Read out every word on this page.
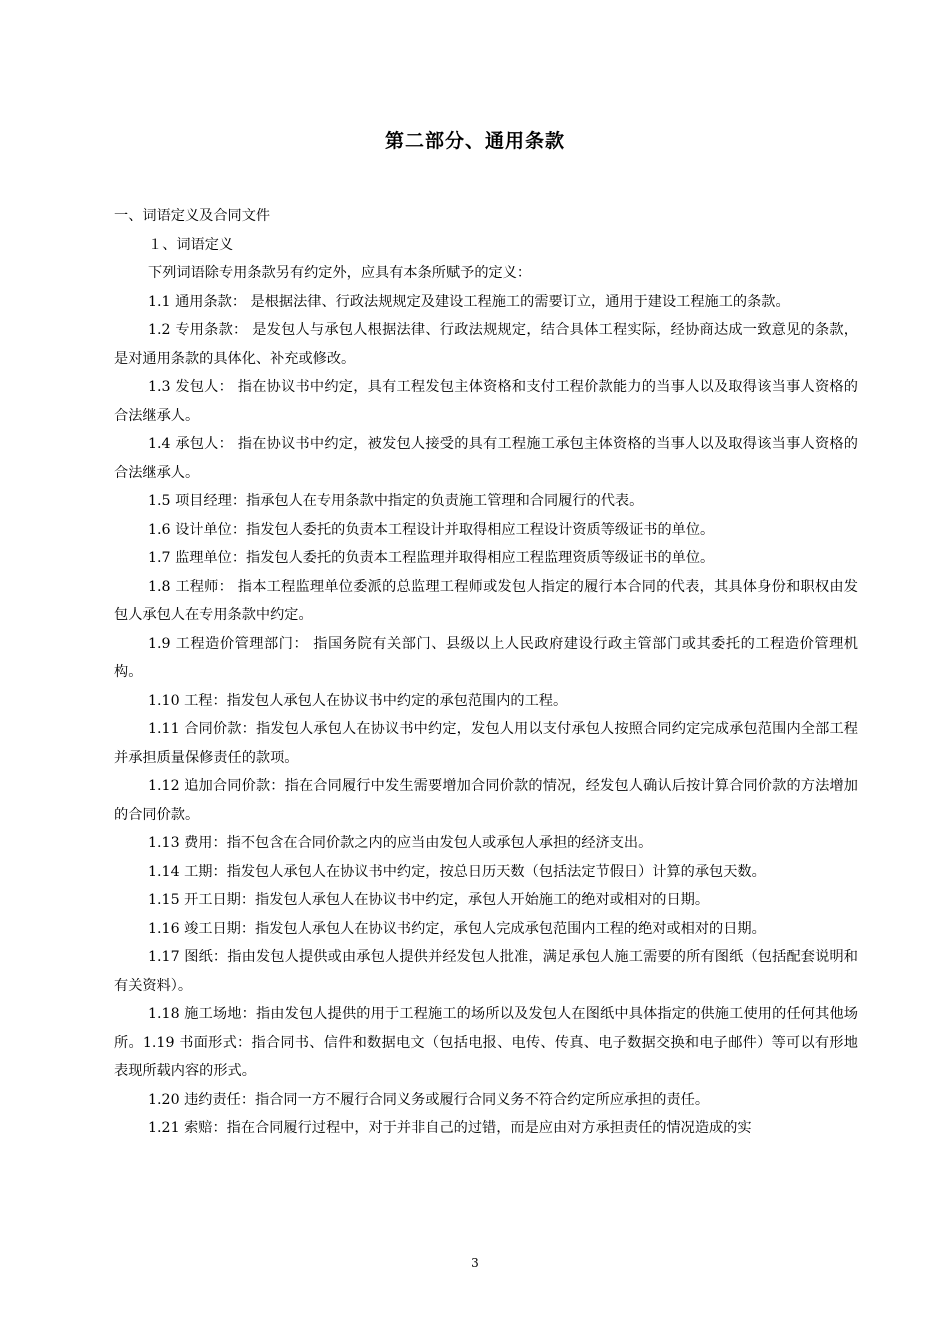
第二部分、通用条款

一、词语定义及合同文件

１、词语定义

下列词语除专用条款另有约定外，应具有本条所赋予的定义：

1.1 通用条款： 是根据法律、行政法规规定及建设工程施工的需要订立，通用于建设工程施工的条款。

1.2 专用条款： 是发包人与承包人根据法律、行政法规规定，结合具体工程实际，经协商达成一致意见的条款，是对通用条款的具体化、补充或修改。

1.3 发包人： 指在协议书中约定，具有工程发包主体资格和支付工程价款能力的当事人以及取得该当事人资格的合法继承人。

1.4 承包人： 指在协议书中约定，被发包人接受的具有工程施工承包主体资格的当事人以及取得该当事人资格的合法继承人。

1.5 项目经理：指承包人在专用条款中指定的负责施工管理和合同履行的代表。

1.6 设计单位：指发包人委托的负责本工程设计并取得相应工程设计资质等级证书的单位。

1.7 监理单位：指发包人委托的负责本工程监理并取得相应工程监理资质等级证书的单位。

1.8 工程师： 指本工程监理单位委派的总监理工程师或发包人指定的履行本合同的代表，其具体身份和职权由发包人承包人在专用条款中约定。

1.9 工程造价管理部门： 指国务院有关部门、县级以上人民政府建设行政主管部门或其委托的工程造价管理机构。

1.10 工程：指发包人承包人在协议书中约定的承包范围内的工程。

1.11 合同价款：指发包人承包人在协议书中约定，发包人用以支付承包人按照合同约定完成承包范围内全部工程并承担质量保修责任的款项。

1.12 追加合同价款：指在合同履行中发生需要增加合同价款的情况，经发包人确认后按计算合同价款的方法增加的合同价款。

1.13 费用：指不包含在合同价款之内的应当由发包人或承包人承担的经济支出。

1.14 工期：指发包人承包人在协议书中约定，按总日历天数（包括法定节假日）计算的承包天数。

1.15 开工日期：指发包人承包人在协议书中约定，承包人开始施工的绝对或相对的日期。

1.16 竣工日期：指发包人承包人在协议书约定，承包人完成承包范围内工程的绝对或相对的日期。

1.17 图纸：指由发包人提供或由承包人提供并经发包人批准，满足承包人施工需要的所有图纸（包括配套说明和有关资料）。

1.18 施工场地：指由发包人提供的用于工程施工的场所以及发包人在图纸中具体指定的供施工使用的任何其他场所。1.19 书面形式：指合同书、信件和数据电文（包括电报、电传、传真、电子数据交换和电子邮件）等可以有形地表现所载内容的形式。

1.20 违约责任：指合同一方不履行合同义务或履行合同义务不符合约定所应承担的责任。

1.21 索赔：指在合同履行过程中，对于并非自己的过错，而是应由对方承担责任的情况造成的实

3
